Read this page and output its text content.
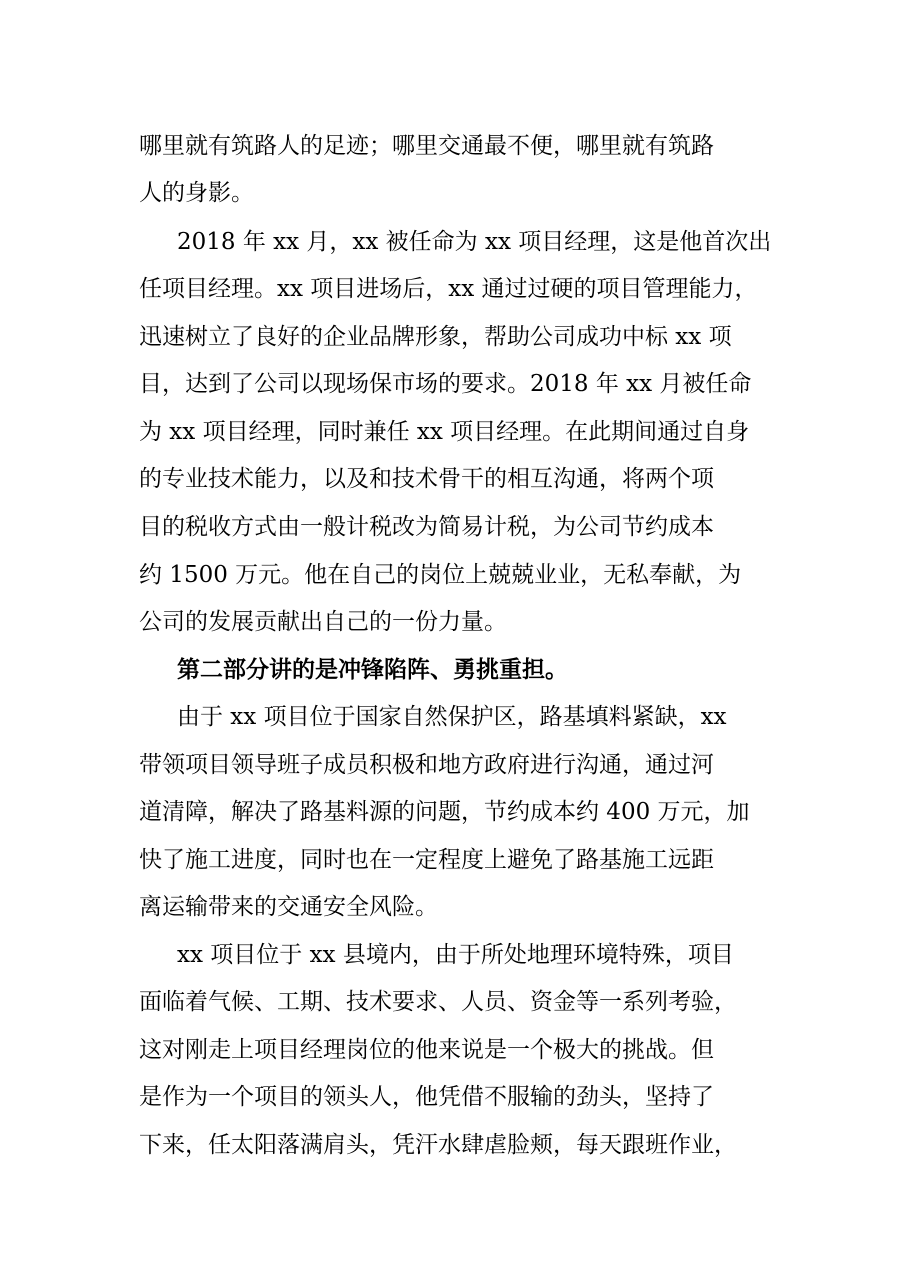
哪里就有筑路人的足迹；哪里交通最不便，哪里就有筑路
人的身影。
2018 年 xx 月，xx 被任命为 xx 项目经理，这是他首次出
任项目经理。xx 项目进场后，xx 通过过硬的项目管理能力，
迅速树立了良好的企业品牌形象，帮助公司成功中标 xx 项
目，达到了公司以现场保市场的要求。2018 年 xx 月被任命
为 xx 项目经理，同时兼任 xx 项目经理。在此期间通过自身
的专业技术能力，以及和技术骨干的相互沟通，将两个项
目的税收方式由一般计税改为简易计税，为公司节约成本
约 1500 万元。他在自己的岗位上兢兢业业，无私奉献，为
公司的发展贡献出自己的一份力量。
第二部分讲的是冲锋陷阵、勇挑重担。
由于 xx 项目位于国家自然保护区，路基填料紧缺，xx
带领项目领导班子成员积极和地方政府进行沟通，通过河
道清障，解决了路基料源的问题，节约成本约 400 万元，加
快了施工进度，同时也在一定程度上避免了路基施工远距
离运输带来的交通安全风险。
xx 项目位于 xx 县境内，由于所处地理环境特殊，项目
面临着气候、工期、技术要求、人员、资金等一系列考验，
这对刚走上项目经理岗位的他来说是一个极大的挑战。但
是作为一个项目的领头人，他凭借不服输的劲头，坚持了
下来，任太阳落满肩头，凭汗水肆虐脸颊，每天跟班作业，
